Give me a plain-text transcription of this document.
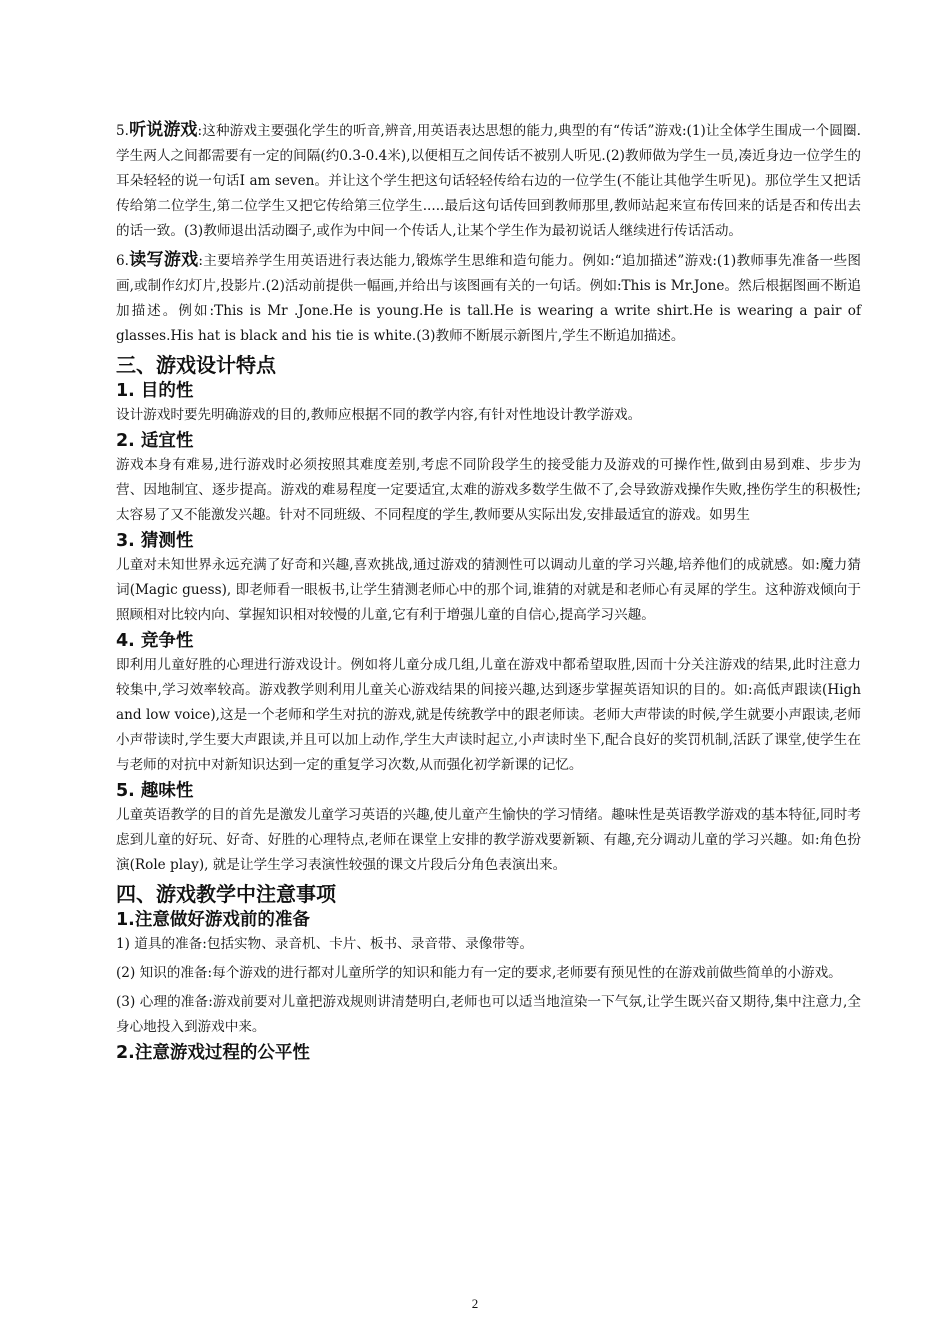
5.听说游戏:这种游戏主要强化学生的听音,辨音,用英语表达思想的能力,典型的有“传话”游戏:(1)让全体学生围成一个圆圈.学生两人之间都需要有一定的间隔(约0.3-0.4米),以便相互之间传话不被别人听见.(2)教师做为学生一员,凑近身边一位学生的耳朵轻轻的说一句话I am seven。并让这个学生把这句话轻轻传给右边的一位学生(不能让其他学生听见)。那位学生又把话传给第二位学生,第二位学生又把它传给第三位学生.....最后这句话传回到教师那里,教师站起来宣布传回来的话是否和传出去的话一致。(3)教师退出活动圈子,或作为中间一个传话人,让某个学生作为最初说话人继续进行传话活动。

6.读写游戏:主要培养学生用英语进行表达能力,锻炼学生思维和造句能力。例如:“追加描述”游戏:(1)教师事先准备一些图画,或制作幻灯片,投影片.(2)活动前提供一幅画,并给出与该图画有关的一句话。例如:This is Mr.Jone。然后根据图画不断追加描述。例如:This is Mr .Jone.He is young.He is tall.He is wearing a write shirt.He is wearing a pair of glasses.His hat is black and his tie is white.(3)教师不断展示新图片,学生不断追加描述。

三、游戏设计特点
1. 目的性

设计游戏时要先明确游戏的目的,教师应根据不同的教学内容,有针对性地设计教学游戏。

2. 适宜性

游戏本身有难易,进行游戏时必须按照其难度差别,考虑不同阶段学生的接受能力及游戏的可操作性,做到由易到难、步步为营、因地制宜、逐步提高。游戏的难易程度一定要适宜,太难的游戏多数学生做不了,会导致游戏操作失败,挫伤学生的积极性;太容易了又不能激发兴趣。针对不同班级、不同程度的学生,教师要从实际出发,安排最适宜的游戏。如男生

3. 猜测性

儿童对未知世界永远充满了好奇和兴趣,喜欢挑战,通过游戏的猜测性可以调动儿童的学习兴趣,培养他们的成就感。如:魔力猜词(Magic guess), 即老师看一眼板书,让学生猜测老师心中的那个词,谁猜的对就是和老师心有灵犀的学生。这种游戏倾向于照顾相对比较内向、掌握知识相对较慢的儿童,它有利于增强儿童的自信心,提高学习兴趣。

4. 竞争性

即利用儿童好胜的心理进行游戏设计。例如将儿童分成几组,儿童在游戏中都希望取胜,因而十分关注游戏的结果,此时注意力较集中,学习效率较高。游戏教学则利用儿童关心游戏结果的间接兴趣,达到逐步掌握英语知识的目的。如:高低声跟读(High and low voice),这是一个老师和学生对抗的游戏,就是传统教学中的跟老师读。老师大声带读的时候,学生就要小声跟读,老师小声带读时,学生要大声跟读,并且可以加上动作,学生大声读时起立,小声读时坐下,配合良好的奖罚机制,活跃了课堂,使学生在与老师的对抗中对新知识达到一定的重复学习次数,从而强化初学新课的记忆。

5. 趣味性

儿童英语教学的目的首先是激发儿童学习英语的兴趣,使儿童产生愉快的学习情绪。趣味性是英语教学游戏的基本特征,同时考虑到儿童的好玩、好奇、好胜的心理特点,老师在课堂上安排的教学游戏要新颖、有趣,充分调动儿童的学习兴趣。如:角色扮演(Role play), 就是让学生学习表演性较强的课文片段后分角色表演出来。

四、游戏教学中注意事项
1.注意做好游戏前的准备

1) 道具的准备:包括实物、录音机、卡片、板书、录音带、录像带等。

(2) 知识的准备:每个游戏的进行都对儿童所学的知识和能力有一定的要求,老师要有预见性的在游戏前做些简单的小游戏。

(3) 心理的准备:游戏前要对儿童把游戏规则讲清楚明白,老师也可以适当地渲染一下气氛,让学生既兴奋又期待,集中注意力,全身心地投入到游戏中来。

2.注意游戏过程的公平性
2
